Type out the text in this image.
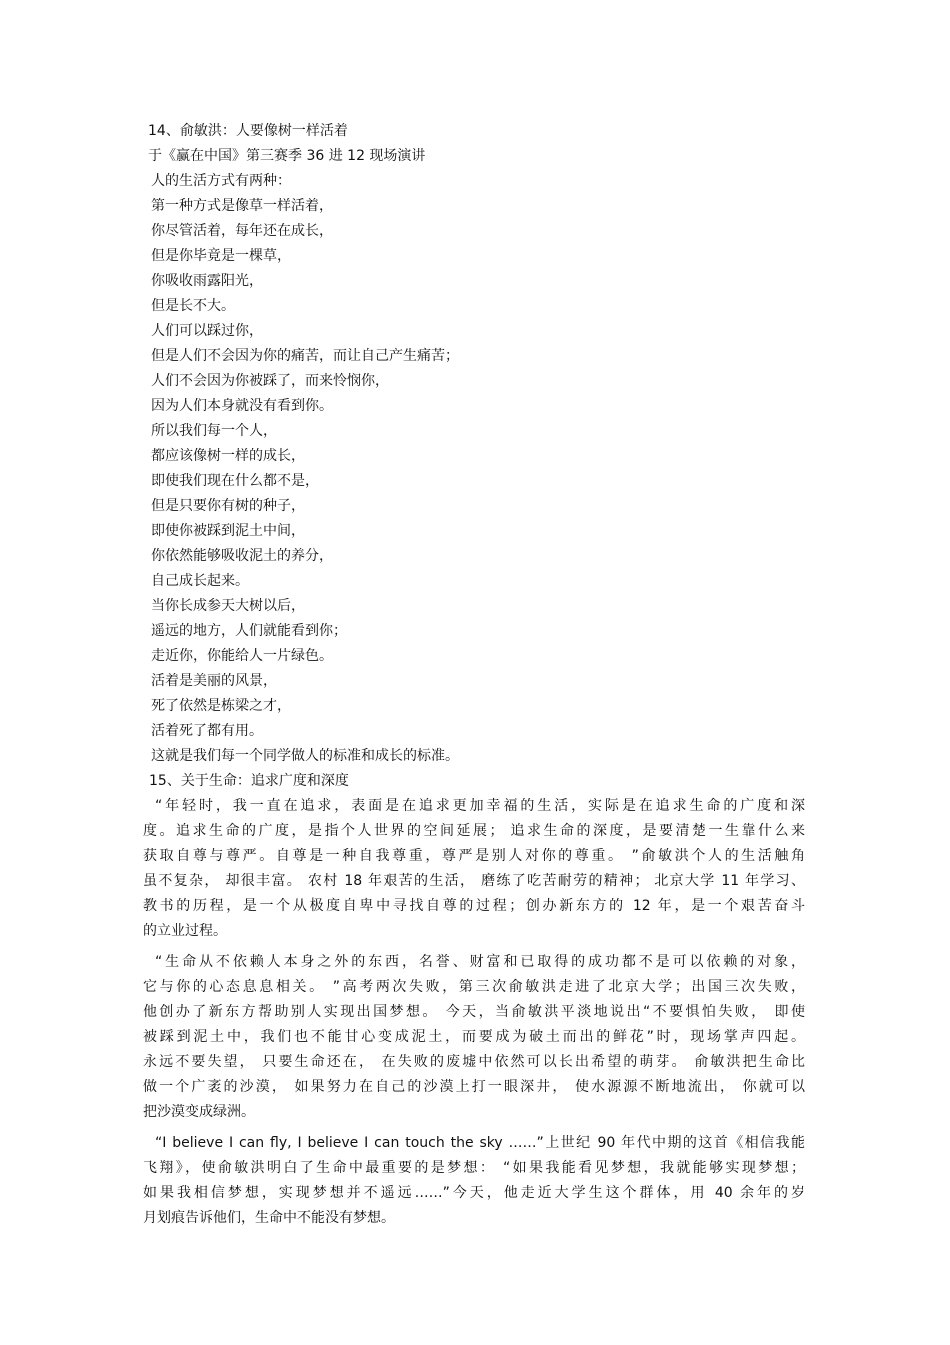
14、俞敏洪：人要像树一样活着
于《赢在中国》第三赛季 36 进 12 现场演讲
人的生活方式有两种：
第一种方式是像草一样活着，
你尽管活着，每年还在成长，
但是你毕竟是一棵草，
你吸收雨露阳光，
但是长不大。
人们可以踩过你，
但是人们不会因为你的痛苦，而让自己产生痛苦；
人们不会因为你被踩了，而来怜悯你，
因为人们本身就没有看到你。
所以我们每一个人，
都应该像树一样的成长，
即使我们现在什么都不是，
但是只要你有树的种子，
即使你被踩到泥土中间，
你依然能够吸收泥土的养分，
自己成长起来。
当你长成参天大树以后，
遥远的地方，人们就能看到你；
走近你，你能给人一片绿色。
活着是美丽的风景，
死了依然是栋梁之才，
活着死了都有用。
这就是我们每一个同学做人的标准和成长的标准。
15、关于生命：追求广度和深度

“年轻时，我一直在追求，表面是在追求更加幸福的生活，实际是在追求生命的广度和深

度。追求生命的广度，是指个人世界的空间延展； 追求生命的深度，是要清楚一生靠什么来

获取自尊与尊严。自尊是一种自我尊重，尊严是别人对你的尊重。 ”俞敏洪个人的生活触角

虽不复杂， 却很丰富。 农村 18 年艰苦的生活， 磨练了吃苦耐劳的精神； 北京大学 11 年学习、

教书的历程，是一个从极度自卑中寻找自尊的过程；创办新东方的 12 年，是一个艰苦奋斗

的立业过程。

“生命从不依赖人本身之外的东西，名誉、财富和已取得的成功都不是可以依赖的对象，

它与你的心态息息相关。 ”高考两次失败，第三次俞敏洪走进了北京大学；出国三次失败，

他创办了新东方帮助别人实现出国梦想。 今天，当俞敏洪平淡地说出“不要惧怕失败， 即使

被踩到泥土中，我们也不能甘心变成泥土，而要成为破土而出的鲜花”时，现场掌声四起。

永远不要失望， 只要生命还在， 在失败的废墟中依然可以长出希望的萌芽。 俞敏洪把生命比

做一个广袤的沙漠， 如果努力在自己的沙漠上打一眼深井， 使水源源不断地流出， 你就可以

把沙漠变成绿洲。

“I believe I can fly, I believe I can touch the sky ……”上世纪 90 年代中期的这首《相信我能

飞翔》，使俞敏洪明白了生命中最重要的是梦想： “如果我能看见梦想，我就能够实现梦想；

如果我相信梦想，实现梦想并不遥远……”今天，他走近大学生这个群体，用 40 余年的岁

月划痕告诉他们，生命中不能没有梦想。
